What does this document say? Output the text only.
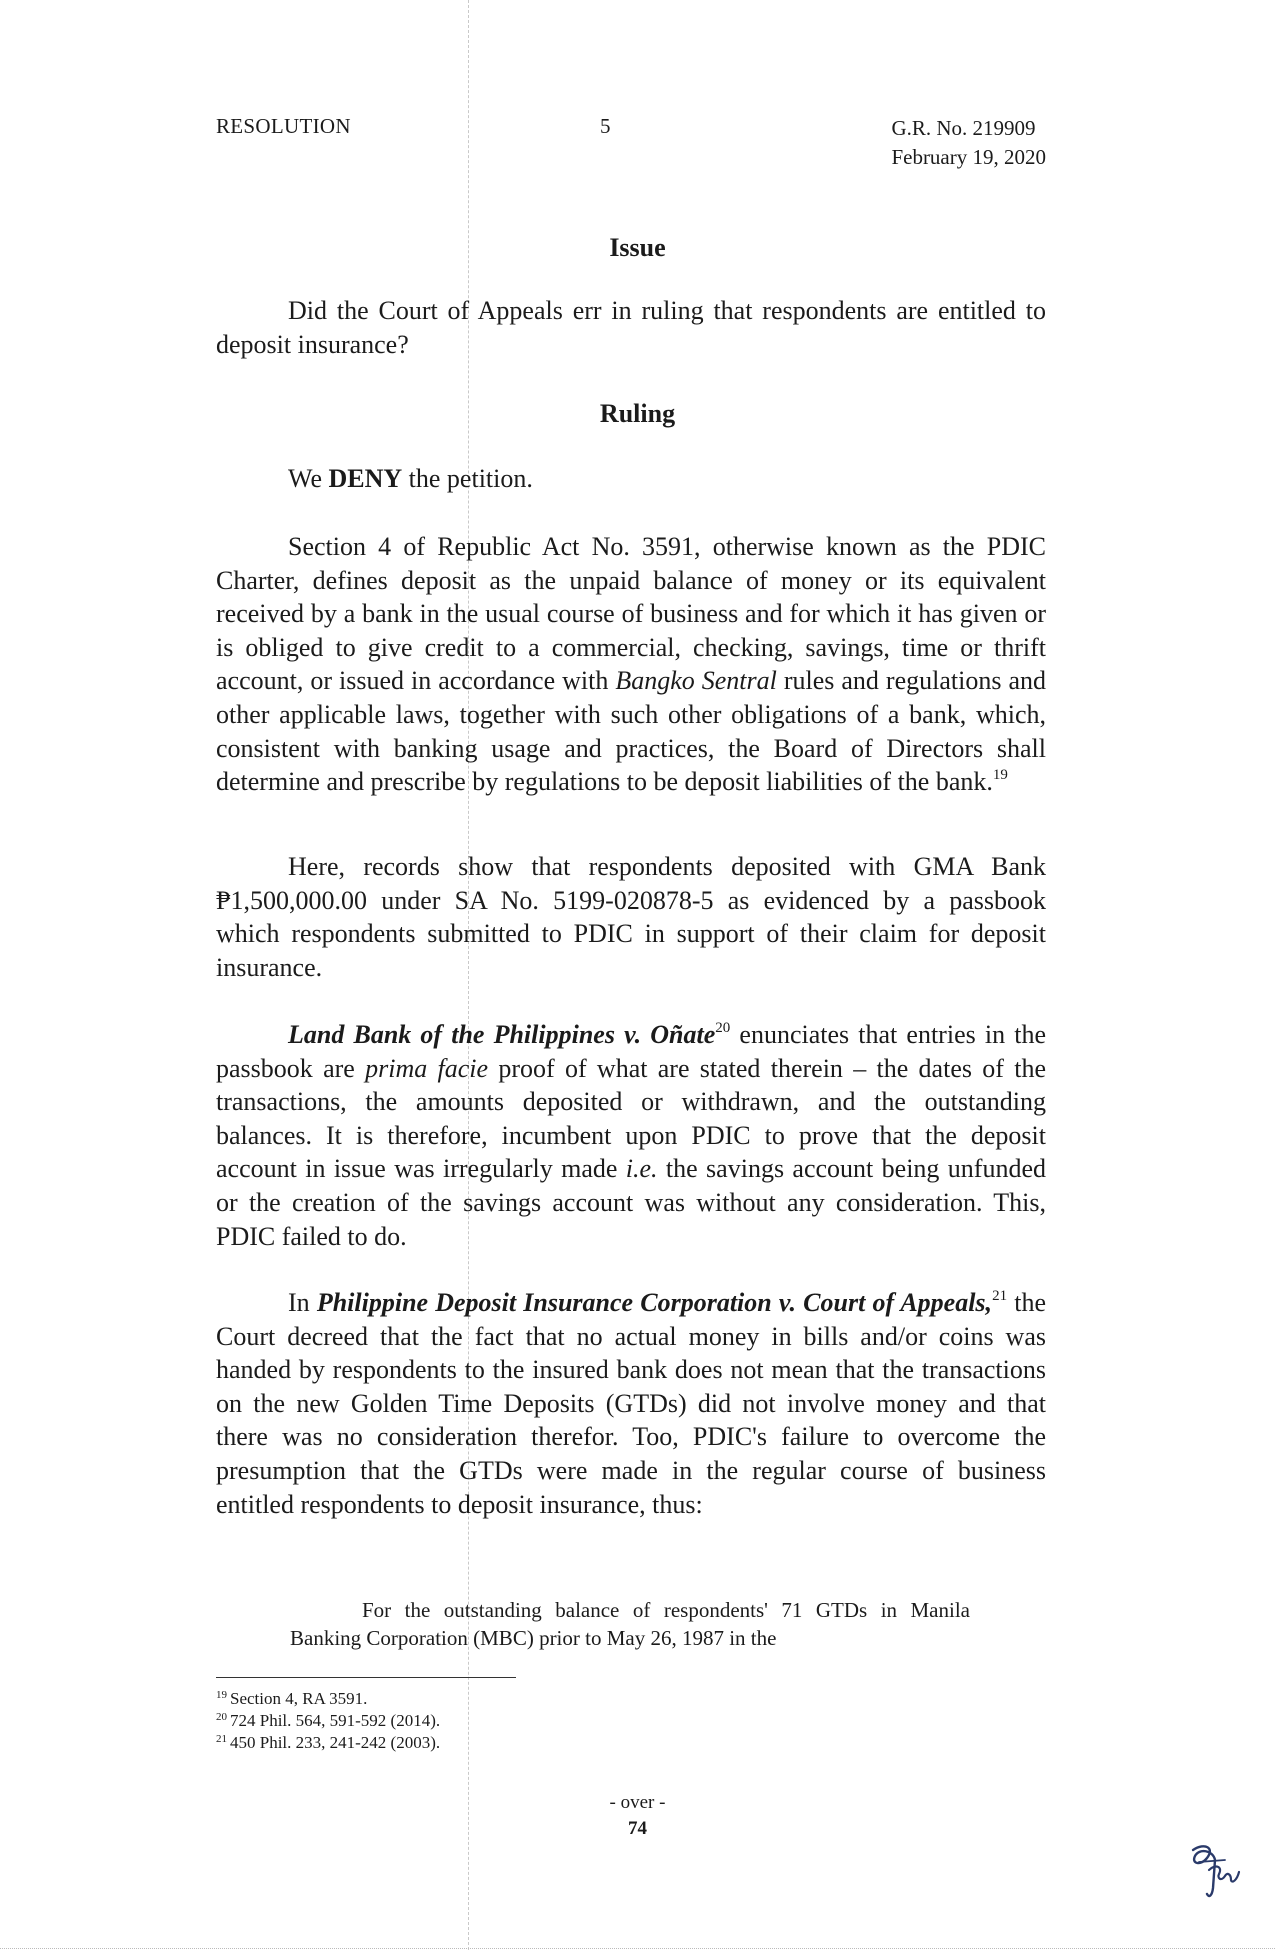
RESOLUTION	5	G.R. No. 219909
February 19, 2020
Issue

Did the Court of Appeals err in ruling that respondents are entitled to deposit insurance?

Ruling

We DENY the petition.

Section 4 of Republic Act No. 3591, otherwise known as the PDIC Charter, defines deposit as the unpaid balance of money or its equivalent received by a bank in the usual course of business and for which it has given or is obliged to give credit to a commercial, checking, savings, time or thrift account, or issued in accordance with Bangko Sentral rules and regulations and other applicable laws, together with such other obligations of a bank, which, consistent with banking usage and practices, the Board of Directors shall determine and prescribe by regulations to be deposit liabilities of the bank.$^{19}$

Here, records show that respondents deposited with GMA Bank ₱1,500,000.00 under SA No. 5199-020878-5 as evidenced by a passbook which respondents submitted to PDIC in support of their claim for deposit insurance.

Land Bank of the Philippines v. Oñate$^{20}$ enunciates that entries in the passbook are prima facie proof of what are stated therein – the dates of the transactions, the amounts deposited or withdrawn, and the outstanding balances. It is therefore, incumbent upon PDIC to prove that the deposit account in issue was irregularly made i.e. the savings account being unfunded or the creation of the savings account was without any consideration. This, PDIC failed to do.

In Philippine Deposit Insurance Corporation v. Court of Appeals,$^{21}$ the Court decreed that the fact that no actual money in bills and/or coins was handed by respondents to the insured bank does not mean that the transactions on the new Golden Time Deposits (GTDs) did not involve money and that there was no consideration therefor. Too, PDIC's failure to overcome the presumption that the GTDs were made in the regular course of business entitled respondents to deposit insurance, thus:

For the outstanding balance of respondents' 71 GTDs in Manila Banking Corporation (MBC) prior to May 26, 1987 in the

$^{19}$ Section 4, RA 3591.
$^{20}$ 724 Phil. 564, 591-592 (2014).
$^{21}$ 450 Phil. 233, 241-242 (2003).
- over -
74
